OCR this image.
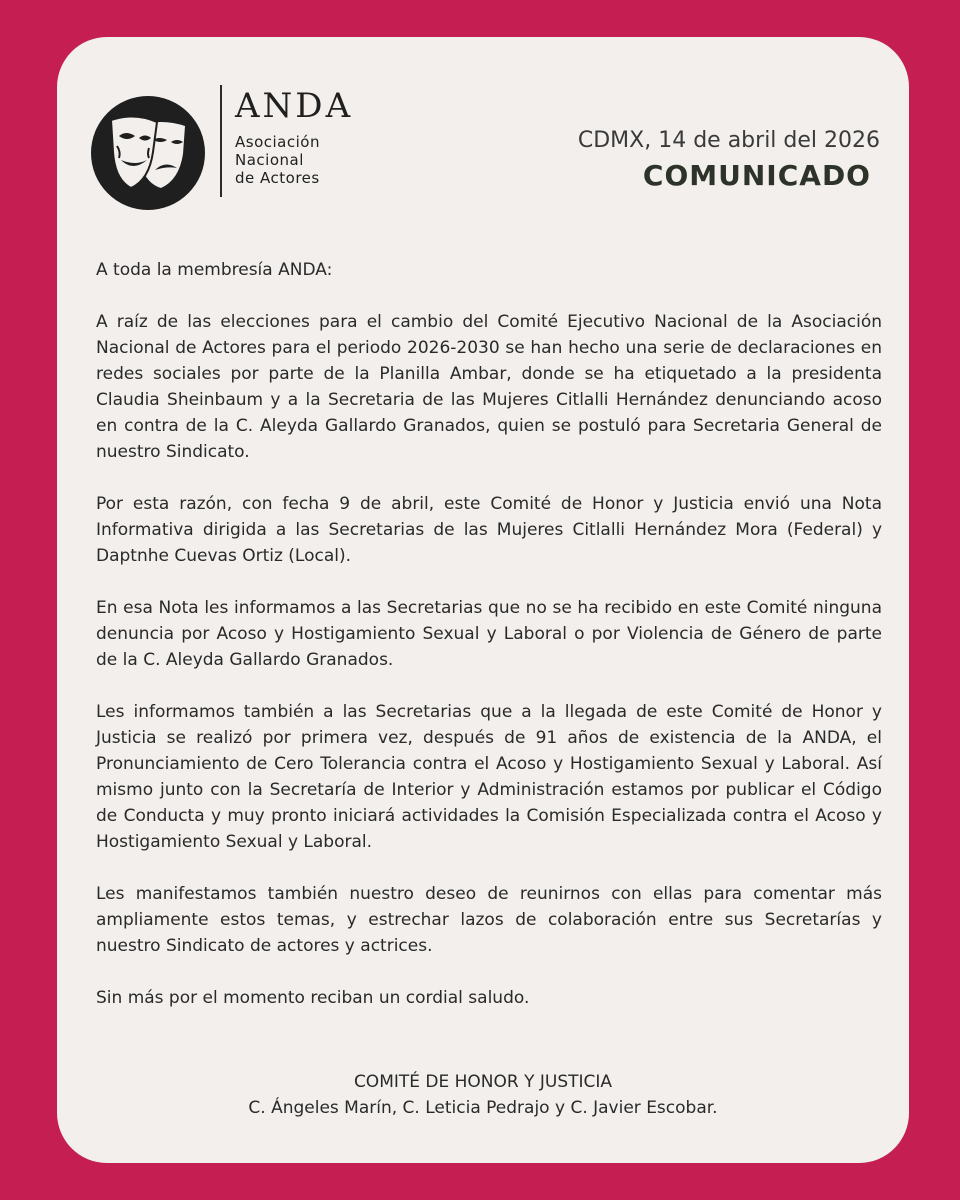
ANDA
Asociación
Nacional
de Actores
CDMX, 14 de abril del 2026
COMUNICADO

A toda la membresía ANDA:

A raíz de las elecciones para el cambio del Comité Ejecutivo Nacional de la Asociación Nacional de Actores para el periodo 2026-2030 se han hecho una serie de declaraciones en redes sociales por parte de la Planilla Ambar, donde se ha etiquetado a la presidenta Claudia Sheinbaum y a la Secretaria de las Mujeres Citlalli Hernández denunciando acoso en contra de la C. Aleyda Gallardo Granados, quien se postuló para Secretaria General de nuestro Sindicato.

Por esta razón, con fecha 9 de abril, este Comité de Honor y Justicia envió una Nota Informativa dirigida a las Secretarias de las Mujeres Citlalli Hernández Mora (Federal) y Daptnhe Cuevas Ortiz (Local).

En esa Nota les informamos a las Secretarias que no se ha recibido en este Comité ninguna denuncia por Acoso y Hostigamiento Sexual y Laboral o por Violencia de Género de parte de la C. Aleyda Gallardo Granados.

Les informamos también a las Secretarias que a la llegada de este Comité de Honor y Justicia se realizó por primera vez, después de 91 años de existencia de la ANDA, el Pronunciamiento de Cero Tolerancia contra el Acoso y Hostigamiento Sexual y Laboral. Así mismo junto con la Secretaría de Interior y Administración estamos por publicar el Código de Conducta y muy pronto iniciará actividades la Comisión Especializada contra el Acoso y Hostigamiento Sexual y Laboral.

Les manifestamos también nuestro deseo de reunirnos con ellas para comentar más ampliamente estos temas, y estrechar lazos de colaboración entre sus Secretarías y nuestro Sindicato de actores y actrices.

Sin más por el momento reciban un cordial saludo.

COMITÉ DE HONOR Y JUSTICIA
C. Ángeles Marín, C. Leticia Pedrajo y C. Javier Escobar.
